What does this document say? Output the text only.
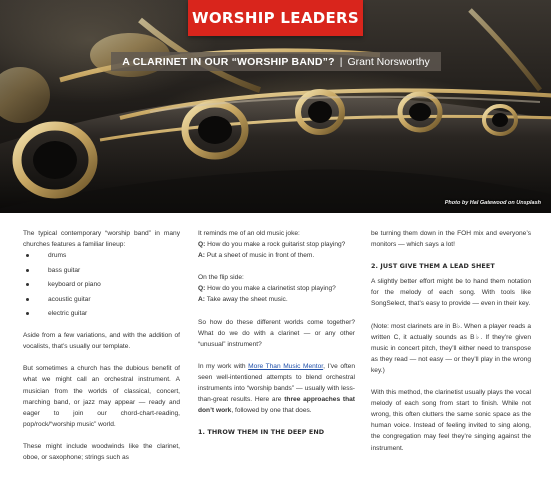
WORSHIP LEADERS
A CLARINET IN OUR “WORSHIP BAND”? | Grant Norsworthy
Photo by Hal Gatewood on Unsplash

The typical contemporary “worship band” in many churches features a familiar lineup:

drums
bass guitar
keyboard or piano
acoustic guitar
electric guitar

Aside from a few variations, and with the addition of vocalists, that’s usually our template.

But sometimes a church has the dubious benefit of what we might call an orchestral instrument. A musician from the worlds of classical, concert, marching band, or jazz may appear — ready and eager to join our chord-chart-reading, pop/rock/“worship music” world.

These might include woodwinds like the clarinet, oboe, or saxophone; strings such as

It reminds me of an old music joke:

Q: How do you make a rock guitarist stop playing?

A: Put a sheet of music in front of them.

On the flip side:

Q: How do you make a clarinetist stop playing?

A: Take away the sheet music.

So how do these different worlds come together? What do we do with a clarinet — or any other “unusual” instrument?

In my work with More Than Music Mentor, I’ve often seen well-intentioned attempts to blend orchestral instruments into “worship bands” — usually with less-than-great results. Here are three approaches that don’t work, followed by one that does.

1. THROW THEM IN THE DEEP END

be turning them down in the FOH mix and everyone’s monitors — which says a lot!

2. JUST GIVE THEM A LEAD SHEET

A slightly better effort might be to hand them notation for the melody of each song. With tools like SongSelect, that’s easy to provide — even in their key.

(Note: most clarinets are in B♭. When a player reads a written C, it actually sounds as B♭. If they’re given music in concert pitch, they’ll either need to transpose as they read — not easy — or they’ll play in the wrong key.)

With this method, the clarinetist usually plays the vocal melody of each song from start to finish. While not wrong, this often clutters the same sonic space as the human voice. Instead of feeling invited to sing along, the congregation may feel they’re singing against the instrument.
